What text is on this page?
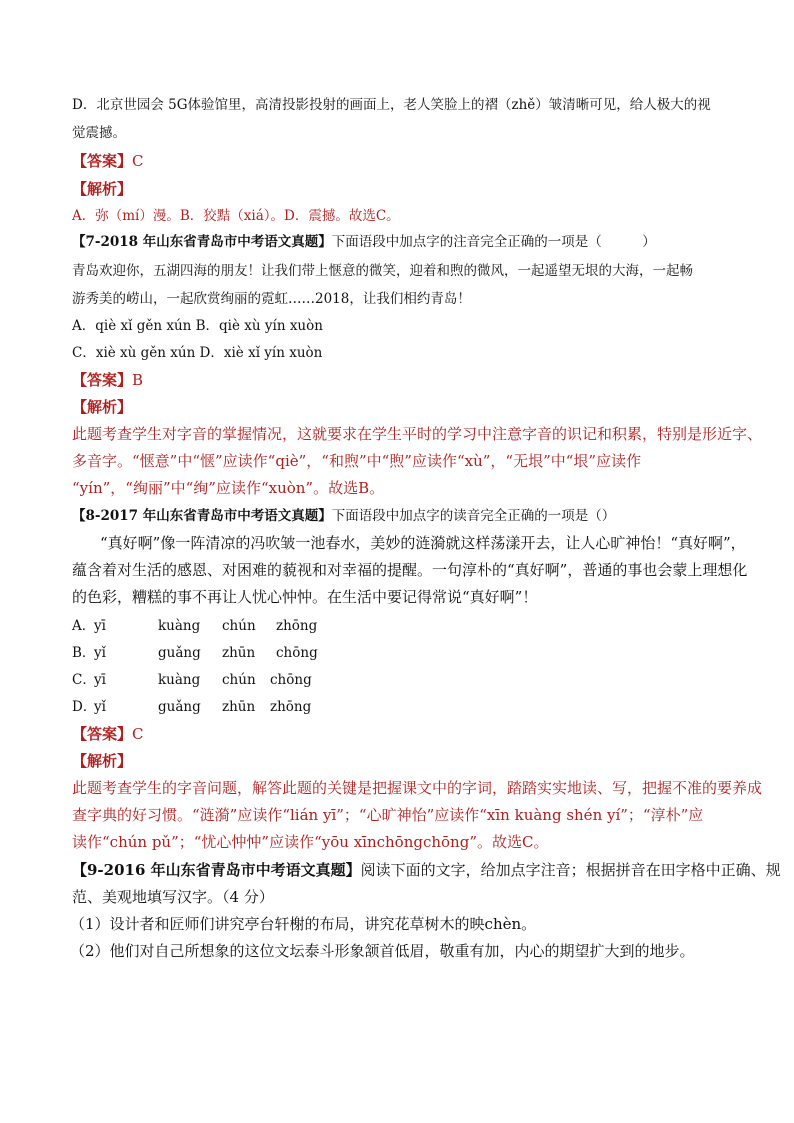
D．北京世园会 5G体验馆里，高清投影投射的画面上，老人笑脸上的褶（zhě）皱清晰可见，给人极大的视
觉震撼。
【答案】C
【解析】
A．弥（mí）漫。B．狡黠（xiá）。D．震撼。故选C。
【7-2018 年山东省青岛市中考语文真题】下面语段中加点字的注音完全正确的一项是（　　　）
青岛欢迎你，五湖四海的朋友！让我们带上惬意的微笑，迎着和煦的微风，一起遥望无垠的大海，一起畅
游秀美的崂山，一起欣赏绚丽的霓虹……2018，让我们相约青岛！
A．qiè xǐ gěn xún B．qiè xù yín xuòn
C．xiè xù gěn xún D．xiè xǐ yín xuòn
【答案】B
【解析】
此题考查学生对字音的掌握情况，这就要求在学生平时的学习中注意字音的识记和积累，特别是形近字、
多音字。“惬意”中“惬”应读作“qiè”，“和煦”中“煦”应读作“xù”，“无垠”中“垠”应读作
“yín”，“绚丽”中“绚”应读作“xuòn”。故选B。
【8-2017 年山东省青岛市中考语文真题】下面语段中加点字的读音完全正确的一项是（）
“真好啊”像一阵清凉的冯吹皱一池春水，美妙的涟漪就这样荡漾开去，让人心旷神怡！“真好啊”，
蕴含着对生活的感恩、对困难的藐视和对幸福的提醒。一句淳朴的“真好啊”，普通的事也会蒙上理想化
的色彩，糟糕的事不再让人忧心忡忡。在生活中要记得常说“真好啊”！
A．yī	kuàng chún zhōng
B．yǐ	guǎng zhūn chōng
C．yī	kuàng chún chōng
D．yǐ	guǎng zhūn zhōng
【答案】C
【解析】
此题考查学生的字音问题，解答此题的关键是把握课文中的字词，踏踏实实地读、写，把握不准的要养成
查字典的好习惯。“涟漪”应读作“lián yī”；“心旷神怡”应读作“xīn kuàng shén yí”；“淳朴”应
读作“chún pǔ”；“忧心忡忡”应读作“yōu xīnchōngchōng”。故选C。
【9-2016 年山东省青岛市中考语文真题】阅读下面的文字，给加点字注音；根据拼音在田字格中正确、规
范、美观地填写汉字。（4 分）
（1）设计者和匠师们讲究亭台轩榭的布局，讲究花草树木的映chèn。
（2）他们对自己所想象的这位文坛泰斗形象颔首低眉，敬重有加，内心的期望扩大到的地步。
